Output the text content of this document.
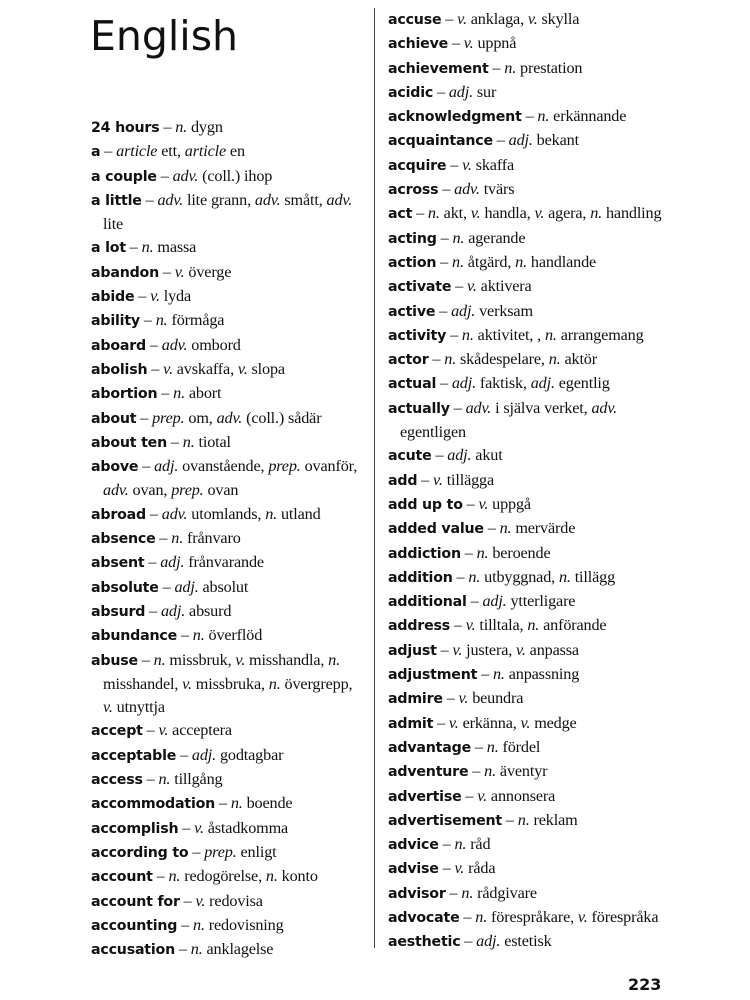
English
24 hours – n. dygn
a – article ett, article en
a couple – adv. (coll.) ihop
a little – adv. lite grann, adv. smått, adv. lite
a lot – n. massa
abandon – v. överge
abide – v. lyda
ability – n. förmåga
aboard – adv. ombord
abolish – v. avskaffa, v. slopa
abortion – n. abort
about – prep. om, adv. (coll.) sådär
about ten – n. tiotal
above – adj. ovanstående, prep. ovanför, adv. ovan, prep. ovan
abroad – adv. utomlands, n. utland
absence – n. frånvaro
absent – adj. frånvarande
absolute – adj. absolut
absurd – adj. absurd
abundance – n. överflöd
abuse – n. missbruk, v. misshandla, n. misshandel, v. missbruka, n. övergrepp, v. utnyttja
accept – v. acceptera
acceptable – adj. godtagbar
access – n. tillgång
accommodation – n. boende
accomplish – v. åstadkomma
according to – prep. enligt
account – n. redogörelse, n. konto
account for – v. redovisa
accounting – n. redovisning
accusation – n. anklagelse
accuse – v. anklaga, v. skylla
achieve – v. uppnå
achievement – n. prestation
acidic – adj. sur
acknowledgment – n. erkännande
acquaintance – adj. bekant
acquire – v. skaffa
across – adv. tvärs
act – n. akt, v. handla, v. agera, n. handling
acting – n. agerande
action – n. åtgärd, n. handlande
activate – v. aktivera
active – adj. verksam
activity – n. aktivitet, , n. arrangemang
actor – n. skådespelare, n. aktör
actual – adj. faktisk, adj. egentlig
actually – adv. i själva verket, adv. egentligen
acute – adj. akut
add – v. tillägga
add up to – v. uppgå
added value – n. mervärde
addiction – n. beroende
addition – n. utbyggnad, n. tillägg
additional – adj. ytterligare
address – v. tilltala, n. anförande
adjust – v. justera, v. anpassa
adjustment – n. anpassning
admire – v. beundra
admit – v. erkänna, v. medge
advantage – n. fördel
adventure – n. äventyr
advertise – v. annonsera
advertisement – n. reklam
advice – n. råd
advise – v. råda
advisor – n. rådgivare
advocate – n. förespråkare, v. förespråka
aesthetic – adj. estetisk
223
